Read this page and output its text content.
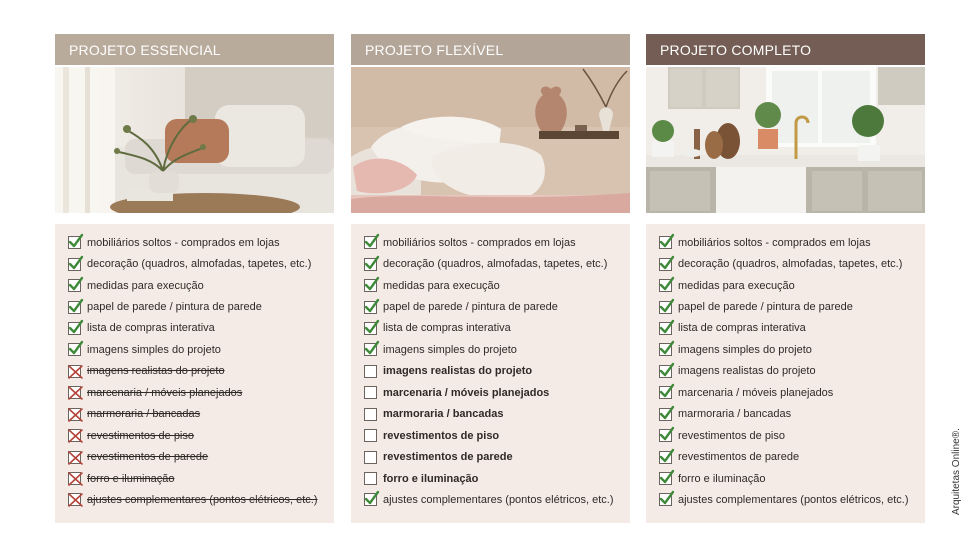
PROJETO ESSENCIAL
mobiliários soltos - comprados em lojas
decoração (quadros, almofadas, tapetes, etc.)
medidas para execução
papel de parede / pintura de parede
lista de compras interativa
imagens simples do projeto
imagens realistas do projeto
marcenaria / móveis planejados
marmoraria / bancadas
revestimentos de piso
revestimentos de parede
forro e iluminação
ajustes complementares (pontos elétricos, etc.)
PROJETO FLEXÍVEL
mobiliários soltos - comprados em lojas
decoração (quadros, almofadas, tapetes, etc.)
medidas para execução
papel de parede / pintura de parede
lista de compras interativa
imagens simples do projeto
imagens realistas do projeto
marcenaria / móveis planejados
marmoraria / bancadas
revestimentos de piso
revestimentos de parede
forro e iluminação
ajustes complementares (pontos elétricos, etc.)
PROJETO COMPLETO
mobiliários soltos - comprados em lojas
decoração (quadros, almofadas, tapetes, etc.)
medidas para execução
papel de parede / pintura de parede
lista de compras interativa
imagens simples do projeto
imagens realistas do projeto
marcenaria / móveis planejados
marmoraria / bancadas
revestimentos de piso
revestimentos de parede
forro e iluminação
ajustes complementares (pontos elétricos, etc.)	Arquitetas Online®.
